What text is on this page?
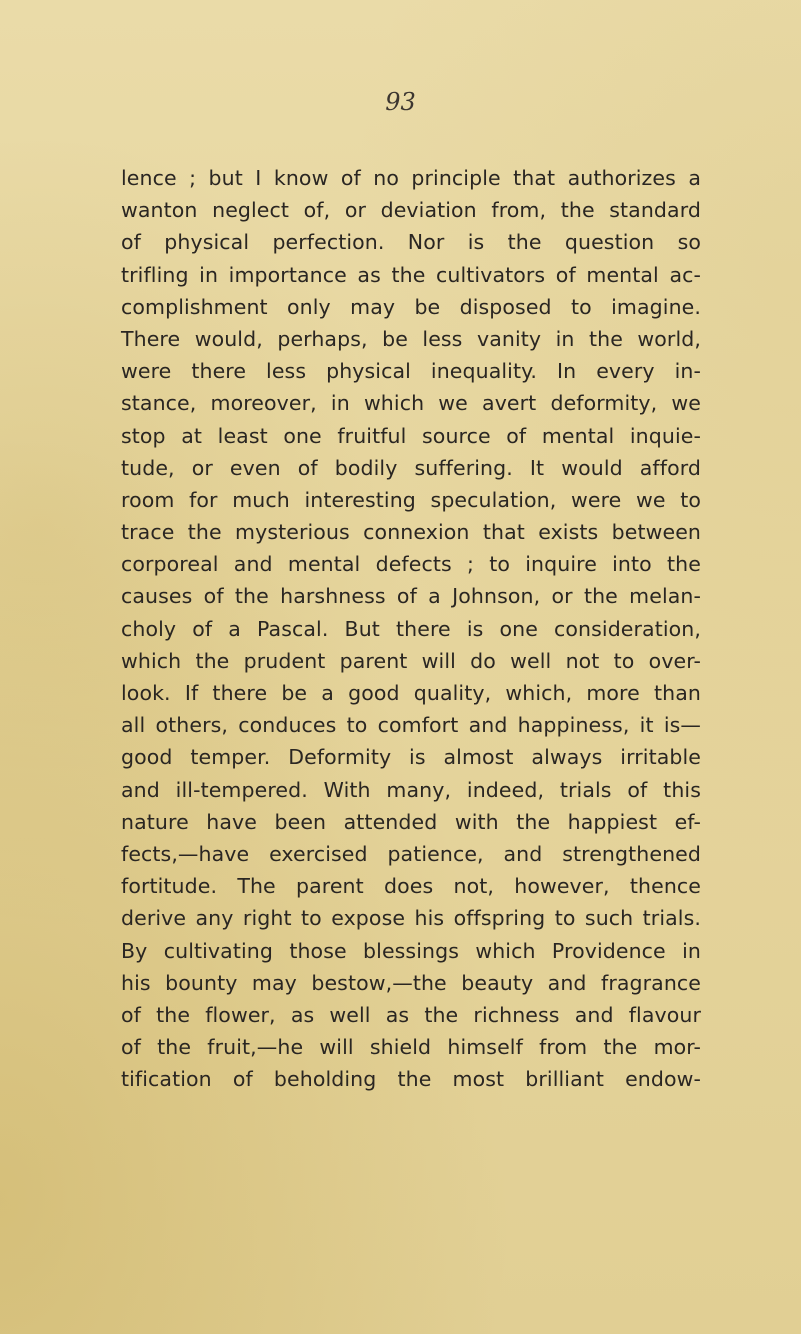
93
lence ; but I know of no principle that authorizes a
wanton neglect of, or deviation from, the standard
of physical perfection. Nor is the question so
trifling in importance as the cultivators of mental ac-
complishment only may be disposed to imagine.
There would, perhaps, be less vanity in the world,
were there less physical inequality. In every in-
stance, moreover, in which we avert deformity, we
stop at least one fruitful source of mental inquie-
tude, or even of bodily suffering. It would afford
room for much interesting speculation, were we to
trace the mysterious connexion that exists between
corporeal and mental defects ; to inquire into the
causes of the harshness of a Johnson, or the melan-
choly of a Pascal. But there is one consideration,
which the prudent parent will do well not to over-
look. If there be a good quality, which, more than
all others, conduces to comfort and happiness, it is—
good temper. Deformity is almost always irritable
and ill-tempered. With many, indeed, trials of this
nature have been attended with the happiest ef-
fects,—have exercised patience, and strengthened
fortitude. The parent does not, however, thence
derive any right to expose his offspring to such trials.
By cultivating those blessings which Providence in
his bounty may bestow,—the beauty and fragrance
of the flower, as well as the richness and flavour
of the fruit,—he will shield himself from the mor-
tification of beholding the most brilliant endow-
